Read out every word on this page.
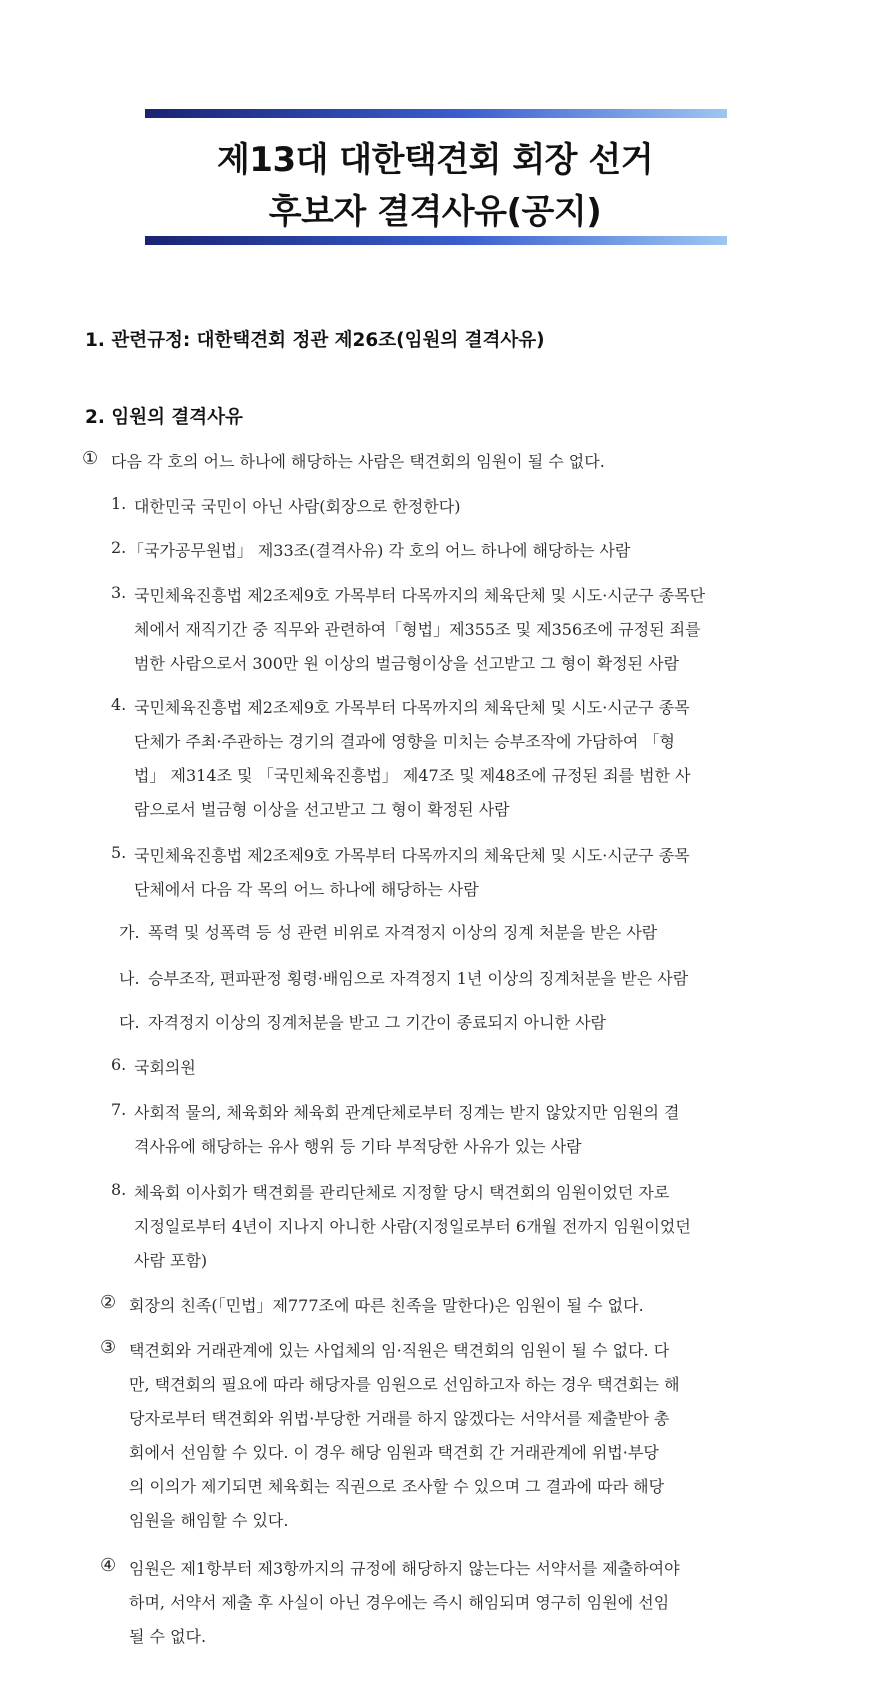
제13대 대한택견회 회장 선거
후보자 결격사유(공지)
1. 관련규정: 대한택견회 정관 제26조(임원의 결격사유)
2. 임원의 결격사유
① 다음 각 호의 어느 하나에 해당하는 사람은 택견회의 임원이 될 수 없다.
1. 대한민국 국민이 아닌 사람(회장으로 한정한다)
2. 「국가공무원법」 제33조(결격사유) 각 호의 어느 하나에 해당하는 사람
3. 국민체육진흥법 제2조제9호 가목부터 다목까지의 체육단체 및 시도·시군구 종목단
체에서 재직기간 중 직무와 관련하여「형법」제355조 및 제356조에 규정된 죄를
범한 사람으로서 300만 원 이상의 벌금형이상을 선고받고 그 형이 확정된 사람
4. 국민체육진흥법 제2조제9호 가목부터 다목까지의 체육단체 및 시도·시군구 종목
단체가 주최·주관하는 경기의 결과에 영향을 미치는 승부조작에 가담하여 「형
법」 제314조 및 「국민체육진흥법」 제47조 및 제48조에 규정된 죄를 범한 사
람으로서 벌금형 이상을 선고받고 그 형이 확정된 사람
5. 국민체육진흥법 제2조제9호 가목부터 다목까지의 체육단체 및 시도·시군구 종목
단체에서 다음 각 목의 어느 하나에 해당하는 사람
가. 폭력 및 성폭력 등 성 관련 비위로 자격정지 이상의 징계 처분을 받은 사람
나. 승부조작, 편파판정 횡령·배임으로 자격정지 1년 이상의 징계처분을 받은 사람
다. 자격정지 이상의 징계처분을 받고 그 기간이 종료되지 아니한 사람
6. 국회의원
7. 사회적 물의, 체육회와 체육회 관계단체로부터 징계는 받지 않았지만 임원의 결
격사유에 해당하는 유사 행위 등 기타 부적당한 사유가 있는 사람
8. 체육회 이사회가 택견회를 관리단체로 지정할 당시 택견회의 임원이었던 자로
지정일로부터 4년이 지나지 아니한 사람(지정일로부터 6개월 전까지 임원이었던
사람 포함)
② 회장의 친족(「민법」제777조에 따른 친족을 말한다)은 임원이 될 수 없다.
③ 택견회와 거래관계에 있는 사업체의 임·직원은 택견회의 임원이 될 수 없다. 다
만, 택견회의 필요에 따라 해당자를 임원으로 선임하고자 하는 경우 택견회는 해
당자로부터 택견회와 위법·부당한 거래를 하지 않겠다는 서약서를 제출받아 총
회에서 선임할 수 있다. 이 경우 해당 임원과 택견회 간 거래관계에 위법·부당
의 이의가 제기되면 체육회는 직권으로 조사할 수 있으며 그 결과에 따라 해당
임원을 해임할 수 있다.
④ 임원은 제1항부터 제3항까지의 규정에 해당하지 않는다는 서약서를 제출하여야
하며, 서약서 제출 후 사실이 아닌 경우에는 즉시 해임되며 영구히 임원에 선임
될 수 없다.
